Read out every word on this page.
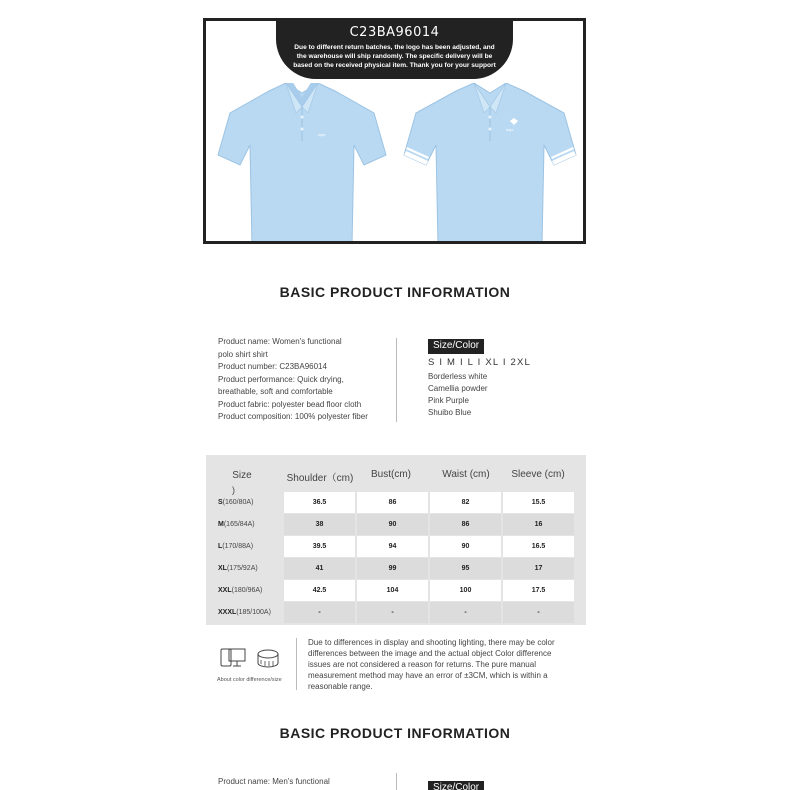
logo
logo
C23BA96014
Due to different return batches, the logo has been adjusted, and the warehouse will ship randomly. The specific delivery will be based on the received physical item. Thank you for your support
BASIC PRODUCT INFORMATION
Product name: Women's functional
polo shirt shirt
Product number: C23BA96014
Product performance: Quick drying,
breathable, soft and comfortable
Product fabric: polyester bead floor cloth
Product composition: 100% polyester fiber
Size/Color
S I M I L I XL I 2XL
Borderless white
Camellia powder
Pink Purple
Shuibo Blue
Size
)
Shoulder（cm)	Bust(cm)	Waist (cm)	Sleeve (cm)
S(160/80A)	36.5	86	82	15.5
M(165/84A)	38	90	86	16
L(170/88A)	39.5	94	90	16.5
XL(175/92A)	41	99	95	17
XXL(180/96A)	42.5	104	100	17.5
XXXL(185/100A)	-	-	-	-
About color difference/size
Due to differences in display and shooting lighting, there may be color differences between the image and the actual object Color difference issues are not considered a reason for returns. The pure manual measurement method may have an error of ±3CM, which is within a reasonable range.
BASIC PRODUCT INFORMATION
Product name: Men's functional
Size/Color
